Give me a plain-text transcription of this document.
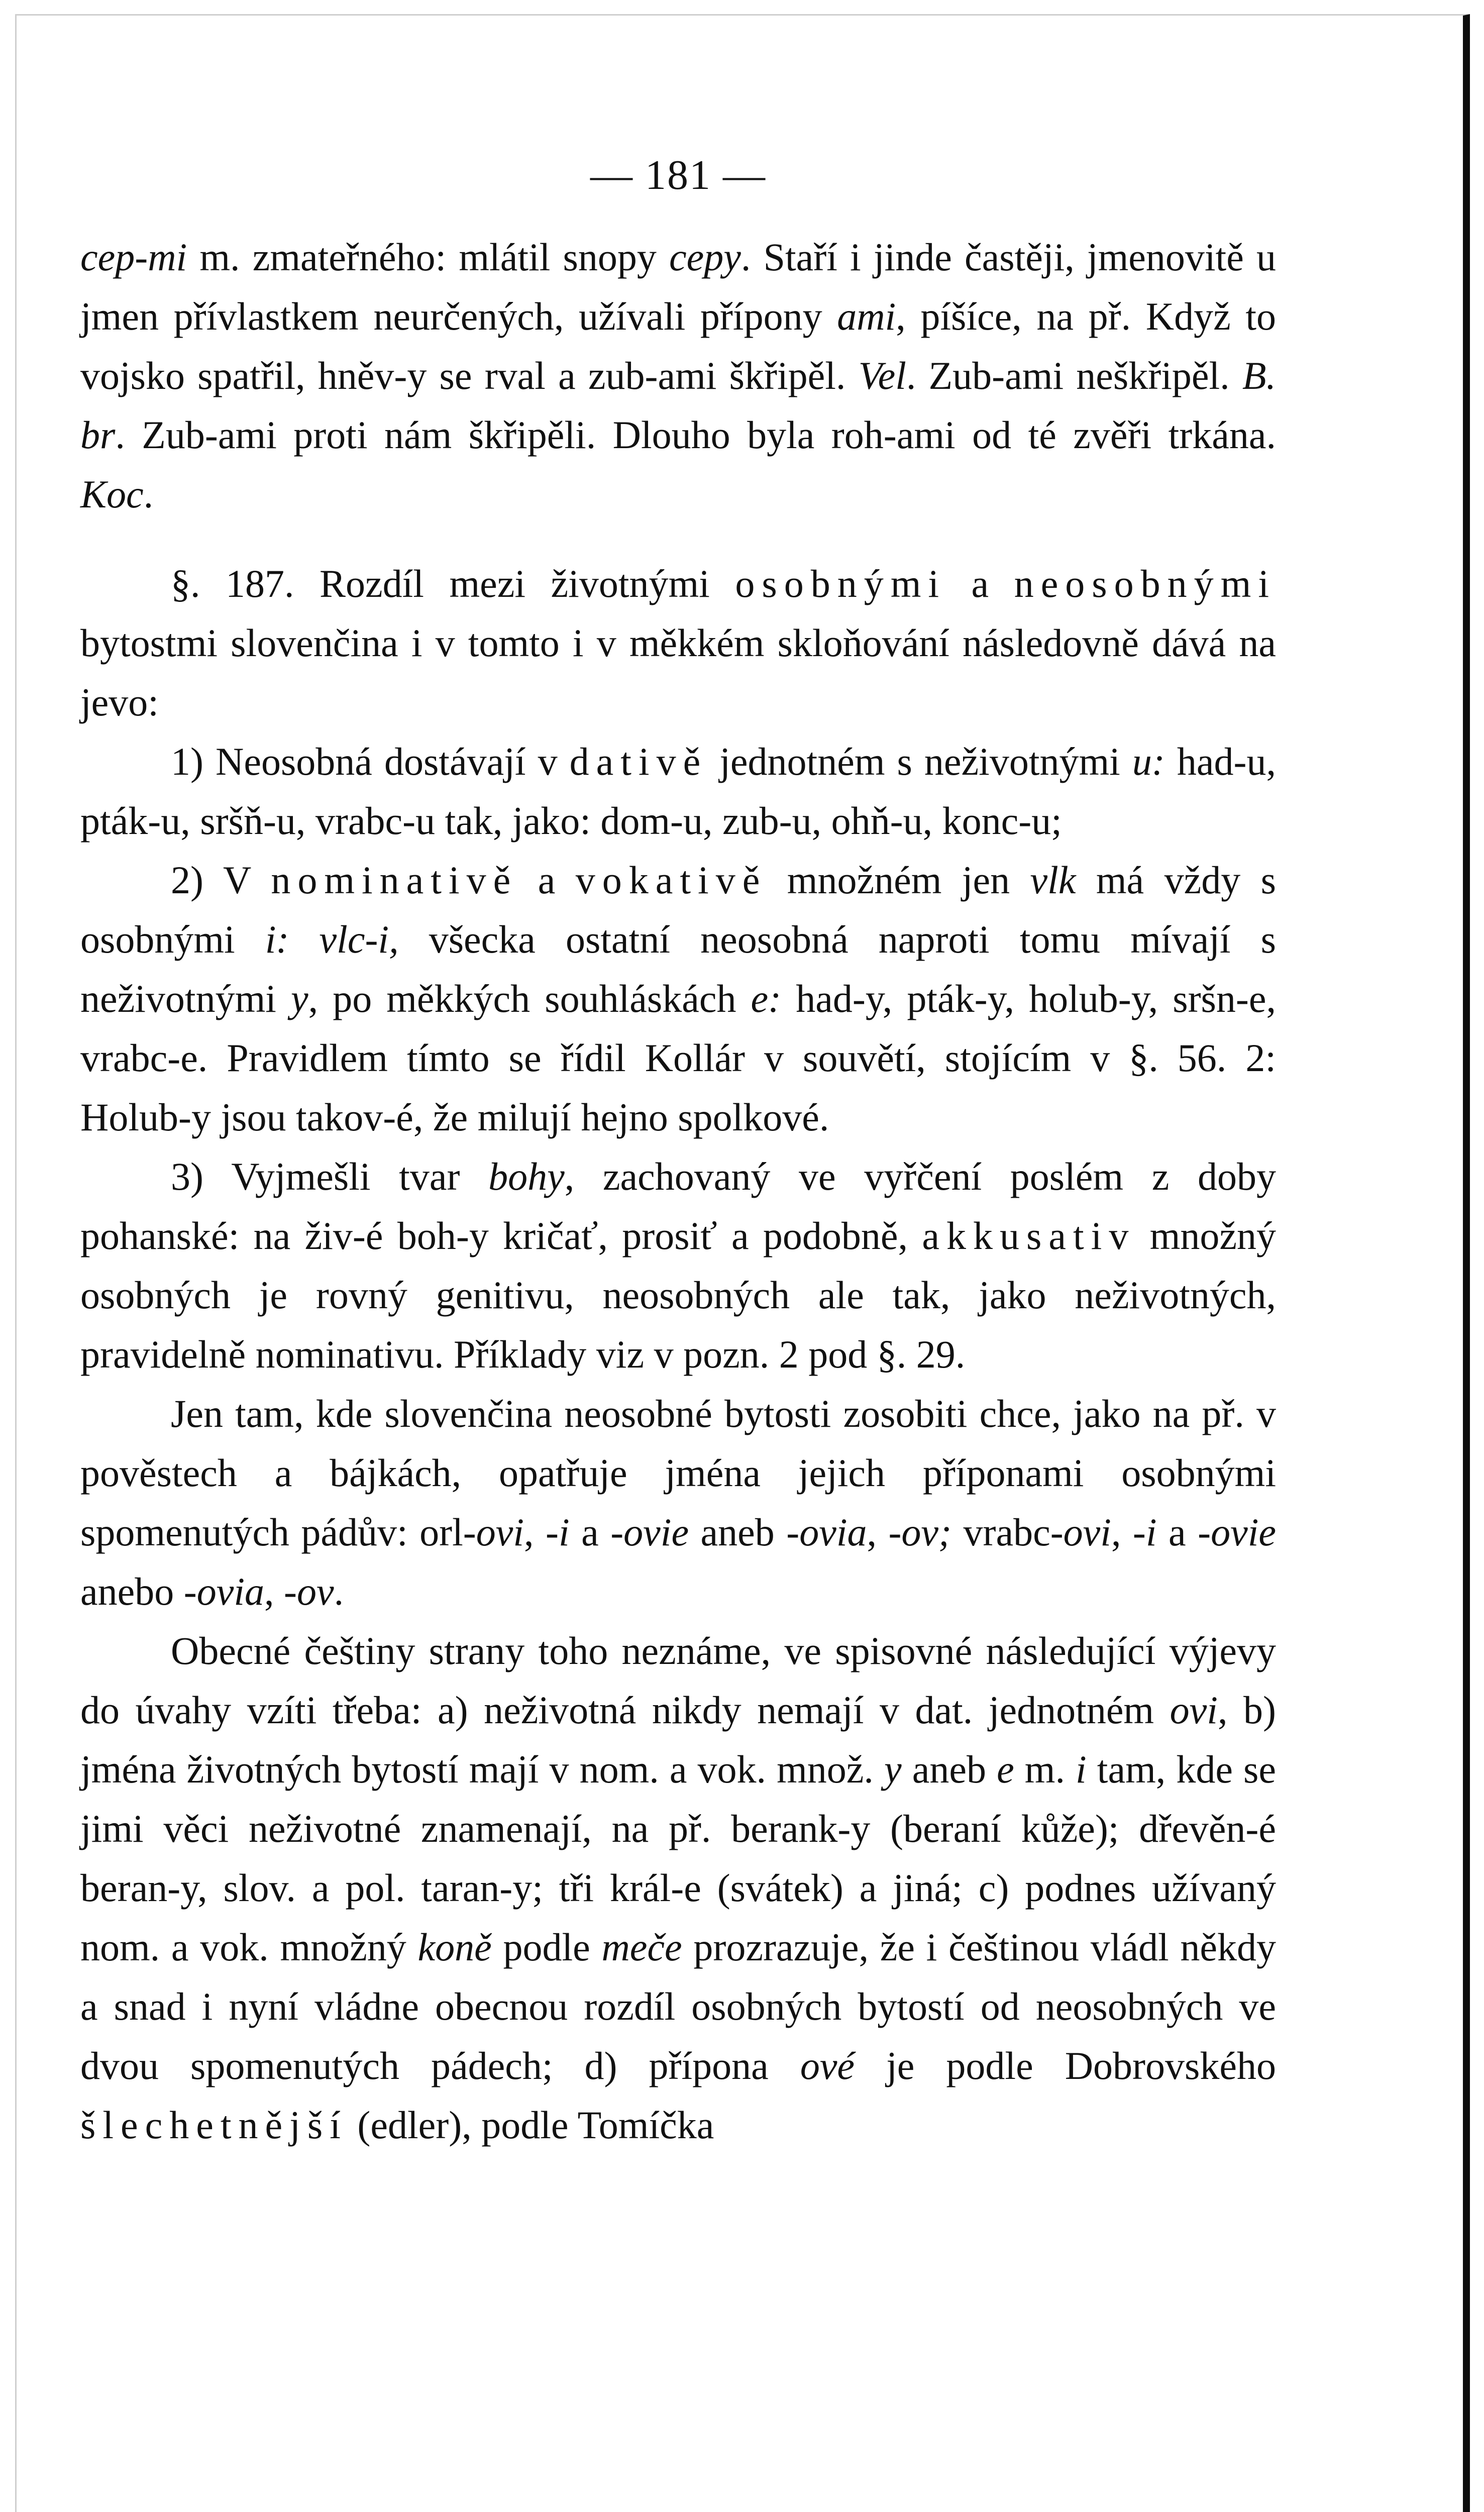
— 181 —

cep-mi m. zmateřného: mlátil snopy cepy. Staří i jinde častěji, jmenovitě u jmen přívlastkem neurčených, užívali přípony ami, píšíce, na př. Když to vojsko spatřil, hněv-y se rval a zub-ami škřipěl. Vel. Zub-ami neškřipěl. B. br. Zub-ami proti nám škřipěli. Dlouho byla roh-ami od té zvěři trkána. Koc.

§. 187. Rozdíl mezi životnými osobnými a neosobnými bytostmi slovenčina i v tomto i v měkkém skloňování následovně dává na jevo:

1) Neosobná dostávají v dativě jednotném s neživotnými u: had-u, pták-u, sršň-u, vrabc-u tak, jako: dom-u, zub-u, ohň-u, konc-u;

2) V nominativě a vokativě množném jen vlk má vždy s osobnými i: vlc-i, všecka ostatní neosobná naproti tomu mívají s neživotnými y, po měkkých souhláskách e: had-y, pták-y, holub-y, sršn-e, vrabc-e. Pravidlem tímto se řídil Kollár v souvětí, stojícím v §. 56. 2: Holub-y jsou takov-é, že milují hejno spolkové.

3) Vyjmešli tvar bohy, zachovaný ve vyřčení poslém z doby pohanské: na živ-é boh-y kričať, prosiť a podobně, akkusativ množný osobných je rovný genitivu, neosobných ale tak, jako neživotných, pravidelně nominativu. Příklady viz v pozn. 2 pod §. 29.

Jen tam, kde slovenčina neosobné bytosti zosobiti chce, jako na př. v pověstech a bájkách, opatřuje jména jejich příponami osobnými spomenutých pádův: orl-ovi, -i a -ovie aneb -ovia, -ov; vrabc-ovi, -i a -ovie anebo -ovia, -ov.

Obecné češtiny strany toho neznáme, ve spisovné následující výjevy do úvahy vzíti třeba: a) neživotná nikdy nemají v dat. jednotném ovi, b) jména životných bytostí mají v nom. a vok. množ. y aneb e m. i tam, kde se jimi věci neživotné znamenají, na př. berank-y (beraní kůže); dřevěn-é beran-y, slov. a pol. taran-y; tři král-e (svátek) a jiná; c) podnes užívaný nom. a vok. množný koně podle meče prozrazuje, že i češtinou vládl někdy a snad i nyní vládne obecnou rozdíl osobných bytostí od neosobných ve dvou spomenutých pádech; d) přípona ové je podle Dobrovského šlechetnější (edler), podle Tomíčka
